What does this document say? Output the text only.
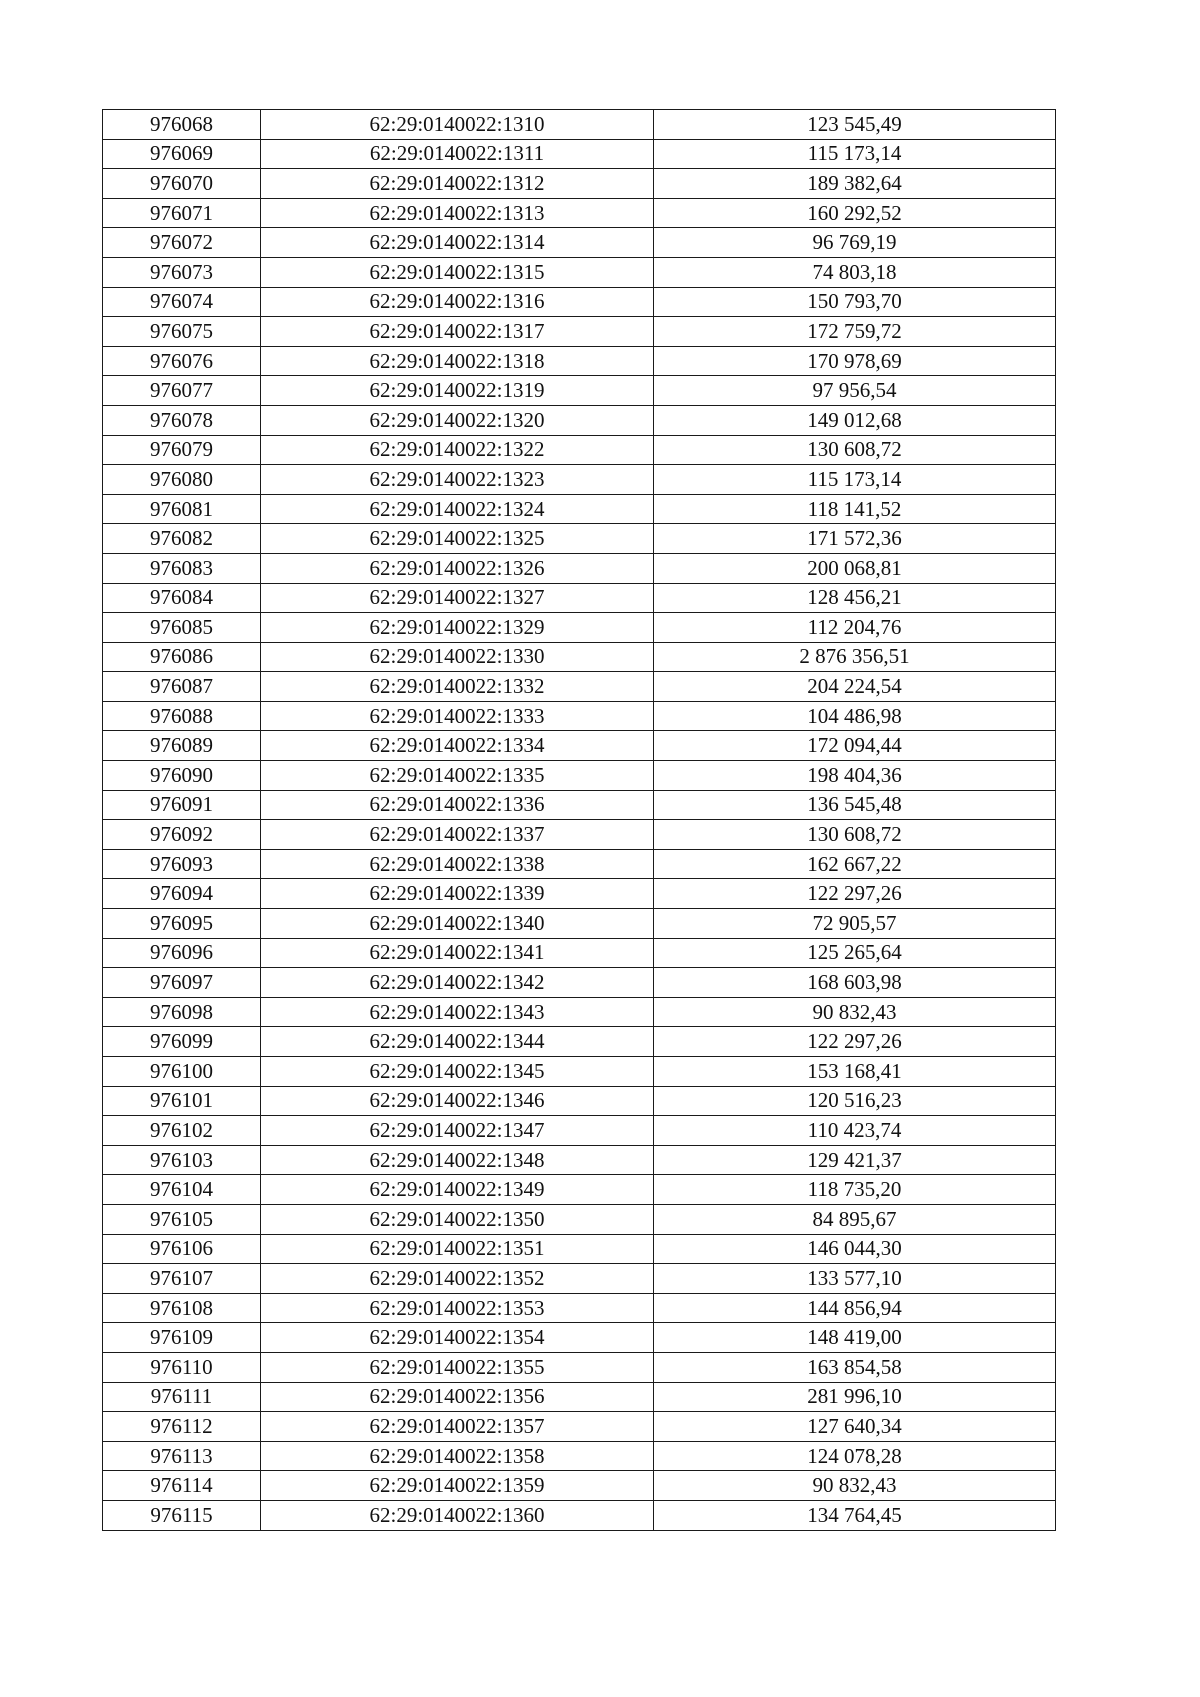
976068	62:29:0140022:1310	123 545,49
976069	62:29:0140022:1311	115 173,14
976070	62:29:0140022:1312	189 382,64
976071	62:29:0140022:1313	160 292,52
976072	62:29:0140022:1314	96 769,19
976073	62:29:0140022:1315	74 803,18
976074	62:29:0140022:1316	150 793,70
976075	62:29:0140022:1317	172 759,72
976076	62:29:0140022:1318	170 978,69
976077	62:29:0140022:1319	97 956,54
976078	62:29:0140022:1320	149 012,68
976079	62:29:0140022:1322	130 608,72
976080	62:29:0140022:1323	115 173,14
976081	62:29:0140022:1324	118 141,52
976082	62:29:0140022:1325	171 572,36
976083	62:29:0140022:1326	200 068,81
976084	62:29:0140022:1327	128 456,21
976085	62:29:0140022:1329	112 204,76
976086	62:29:0140022:1330	2 876 356,51
976087	62:29:0140022:1332	204 224,54
976088	62:29:0140022:1333	104 486,98
976089	62:29:0140022:1334	172 094,44
976090	62:29:0140022:1335	198 404,36
976091	62:29:0140022:1336	136 545,48
976092	62:29:0140022:1337	130 608,72
976093	62:29:0140022:1338	162 667,22
976094	62:29:0140022:1339	122 297,26
976095	62:29:0140022:1340	72 905,57
976096	62:29:0140022:1341	125 265,64
976097	62:29:0140022:1342	168 603,98
976098	62:29:0140022:1343	90 832,43
976099	62:29:0140022:1344	122 297,26
976100	62:29:0140022:1345	153 168,41
976101	62:29:0140022:1346	120 516,23
976102	62:29:0140022:1347	110 423,74
976103	62:29:0140022:1348	129 421,37
976104	62:29:0140022:1349	118 735,20
976105	62:29:0140022:1350	84 895,67
976106	62:29:0140022:1351	146 044,30
976107	62:29:0140022:1352	133 577,10
976108	62:29:0140022:1353	144 856,94
976109	62:29:0140022:1354	148 419,00
976110	62:29:0140022:1355	163 854,58
976111	62:29:0140022:1356	281 996,10
976112	62:29:0140022:1357	127 640,34
976113	62:29:0140022:1358	124 078,28
976114	62:29:0140022:1359	90 832,43
976115	62:29:0140022:1360	134 764,45
